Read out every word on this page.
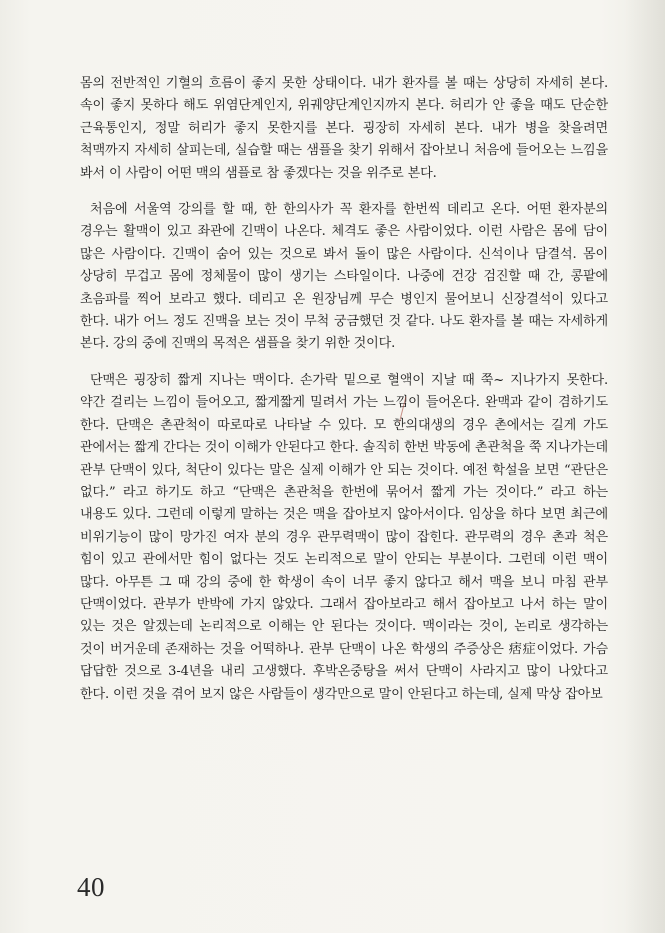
몸의 전반적인 기혈의 흐름이 좋지 못한 상태이다. 내가 환자를 볼 때는 상당히 자세히 본다. 속이 좋지 못하다 해도 위염단계인지, 위궤양단계인지까지 본다. 허리가 안 좋을 때도 단순한 근육통인지, 정말 허리가 좋지 못한지를 본다. 굉장히 자세히 본다. 내가 병을 찾을려면 척맥까지 자세히 살피는데, 실습할 때는 샘플을 찾기 위해서 잡아보니 처음에 들어오는 느낌을 봐서 이 사람이 어떤 맥의 샘플로 참 좋겠다는 것을 위주로 본다.

처음에 서울역 강의를 할 때, 한 한의사가 꼭 환자를 한번씩 데리고 온다. 어떤 환자분의 경우는 활맥이 있고 좌관에 긴맥이 나온다. 체격도 좋은 사람이었다. 이런 사람은 몸에 담이 많은 사람이다. 긴맥이 숨어 있는 것으로 봐서 돌이 많은 사람이다. 신석이나 담결석. 몸이 상당히 무겁고 몸에 정체물이 많이 생기는 스타일이다. 나중에 건강 검진할 때 간, 콩팥에 초음파를 찍어 보라고 했다. 데리고 온 원장님께 무슨 병인지 물어보니 신장결석이 있다고 한다. 내가 어느 정도 진맥을 보는 것이 무척 궁금했던 것 같다. 나도 환자를 볼 때는 자세하게 본다. 강의 중에 진맥의 목적은 샘플을 찾기 위한 것이다.

단맥은 굉장히 짧게 지나는 맥이다. 손가락 밑으로 혈액이 지날 때 쭉~ 지나가지 못한다. 약간 걸리는 느낌이 들어오고, 짧게짧게 밀려서 가는 느낌이 들어온다. 완맥과 같이 겸하기도 한다. 단맥은 촌관척이 따로따로 나타날 수 있다. 모 한의대생의 경우 촌에서는 길게 가도 관에서는 짧게 간다는 것이 이해가 안된다고 한다. 솔직히 한번 박동에 촌관척을 쭉 지나가는데 관부 단맥이 있다, 척단이 있다는 말은 실제 이해가 안 되는 것이다. 예전 학설을 보면 “관단은 없다.” 라고 하기도 하고 “단맥은 촌관척을 한번에 묶어서 짧게 가는 것이다.” 라고 하는 내용도 있다. 그런데 이렇게 말하는 것은 맥을 잡아보지 않아서이다. 임상을 하다 보면 최근에 비위기능이 많이 망가진 여자 분의 경우 관무력맥이 많이 잡힌다. 관무력의 경우 촌과 척은 힘이 있고 관에서만 힘이 없다는 것도 논리적으로 말이 안되는 부분이다. 그런데 이런 맥이 많다. 아무튼 그 때 강의 중에 한 학생이 속이 너무 좋지 않다고 해서 맥을 보니 마침 관부 단맥이었다. 관부가 반박에 가지 않았다. 그래서 잡아보라고 해서 잡아보고 나서 하는 말이 있는 것은 알겠는데 논리적으로 이해는 안 된다는 것이다. 맥이라는 것이, 논리로 생각하는 것이 버거운데 존재하는 것을 어떡하나. 관부 단맥이 나온 학생의 주증상은 痞症이었다. 가슴 답답한 것으로 3-4년을 내리 고생했다. 후박온중탕을 써서 단맥이 사라지고 많이 나았다고 한다. 이런 것을 겪어 보지 않은 사람들이 생각만으로 말이 안된다고 하는데, 실제 막상 잡아보

40
